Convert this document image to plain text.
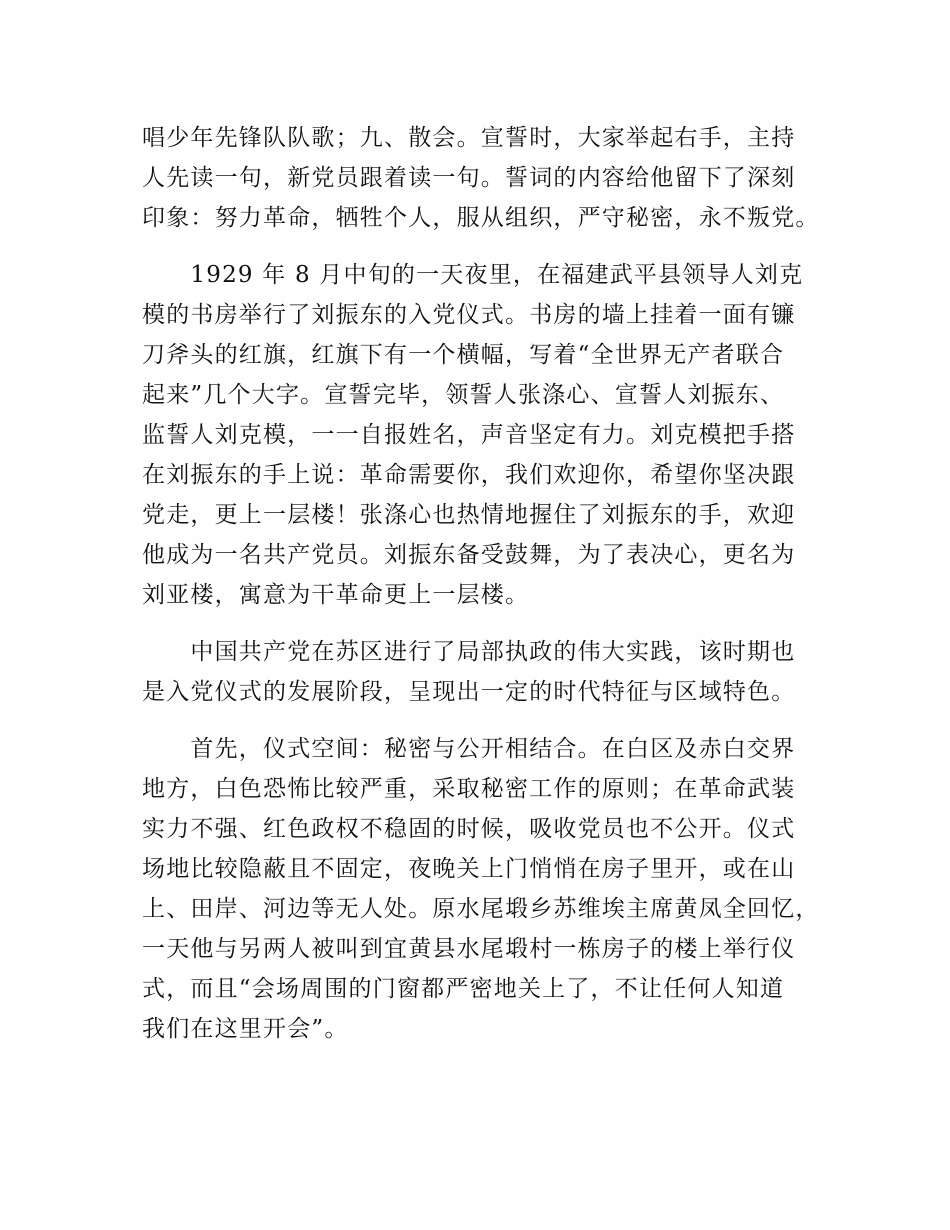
唱少年先锋队队歌；九、散会。宣誓时，大家举起右手，主持
人先读一句，新党员跟着读一句。誓词的内容给他留下了深刻
印象：努力革命，牺牲个人，服从组织，严守秘密，永不叛党。
　　1929 年 8 月中旬的一天夜里，在福建武平县领导人刘克
模的书房举行了刘振东的入党仪式。书房的墙上挂着一面有镰
刀斧头的红旗，红旗下有一个横幅，写着“全世界无产者联合
起来”几个大字。宣誓完毕，领誓人张涤心、宣誓人刘振东、
监誓人刘克模，一一自报姓名，声音坚定有力。刘克模把手搭
在刘振东的手上说：革命需要你，我们欢迎你，希望你坚决跟
党走，更上一层楼！张涤心也热情地握住了刘振东的手，欢迎
他成为一名共产党员。刘振东备受鼓舞，为了表决心，更名为
刘亚楼，寓意为干革命更上一层楼。
　　中国共产党在苏区进行了局部执政的伟大实践，该时期也
是入党仪式的发展阶段，呈现出一定的时代特征与区域特色。
　　首先，仪式空间：秘密与公开相结合。在白区及赤白交界
地方，白色恐怖比较严重，采取秘密工作的原则；在革命武装
实力不强、红色政权不稳固的时候，吸收党员也不公开。仪式
场地比较隐蔽且不固定，夜晚关上门悄悄在房子里开，或在山
上、田岸、河边等无人处。原水尾塅乡苏维埃主席黄凤全回忆，
一天他与另两人被叫到宜黄县水尾塅村一栋房子的楼上举行仪
式，而且“会场周围的门窗都严密地关上了，不让任何人知道
我们在这里开会”。
